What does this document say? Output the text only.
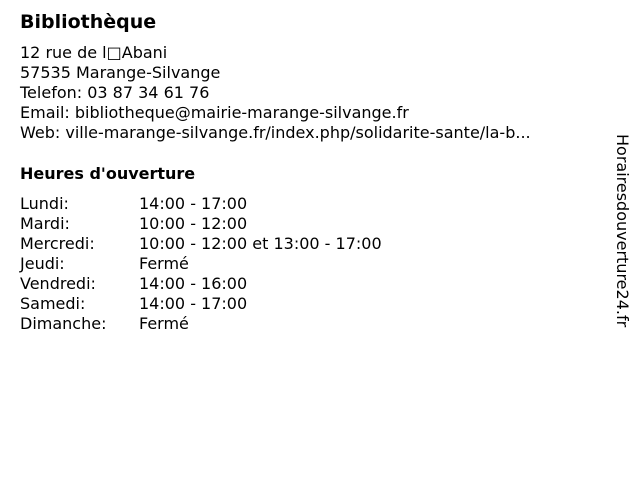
Bibliothèque
12 rue de l□Abani
57535 Marange-Silvange
Telefon: 03 87 34 61 76
Email: bibliotheque@mairie-marange-silvange.fr
Web: ville-marange-silvange.fr/index.php/solidarite-sante/la-b...
Heures d'ouverture
Lundi:	14:00 - 17:00
Mardi:	10:00 - 12:00
Mercredi:	10:00 - 12:00 et 13:00 - 17:00
Jeudi:	Fermé
Vendredi:	14:00 - 16:00
Samedi:	14:00 - 17:00
Dimanche: Fermé	Horairesdouverture24.fr
